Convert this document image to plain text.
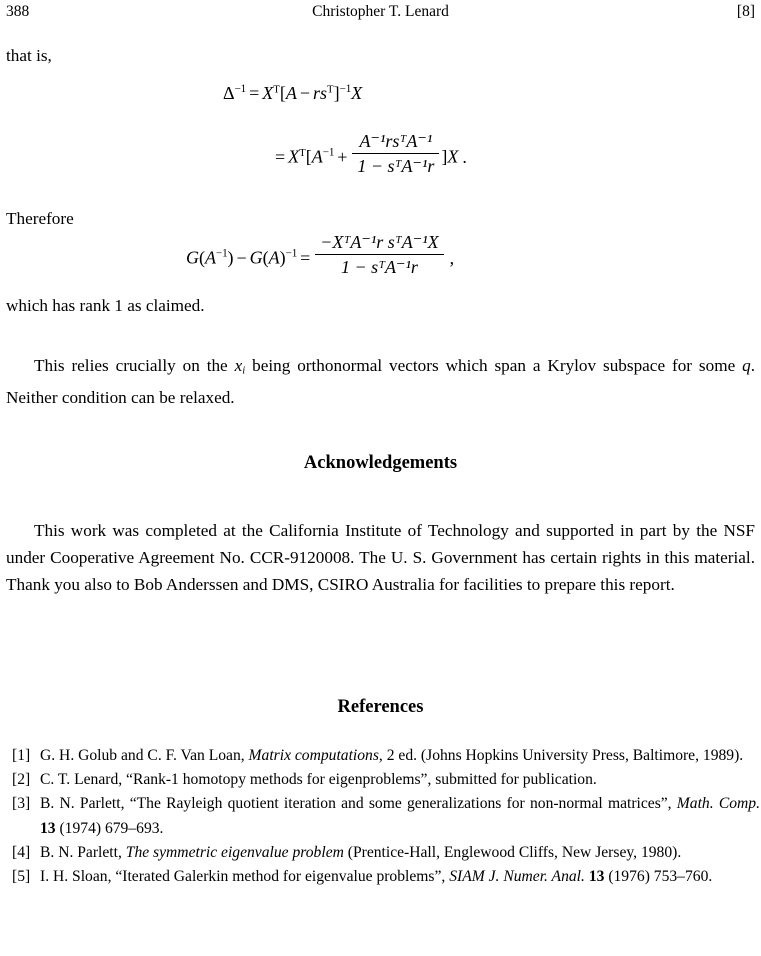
388	Christopher T. Lenard	[8]
that is,
$\Delta^{-1} = X^T[A - rs^T]^{-1}X$
= $X^T[A^{-1} + \frac{\text{A⁻¹rsᵀA⁻¹}}{\text{1 − sᵀA⁻¹r}} ]X$ .
Therefore
$G(A^{-1}) - G(A)^{-1} = \frac{\text{−XᵀA⁻¹r sᵀA⁻¹X}}{\text{1 − sᵀA⁻¹r}}$ ,
which has rank 1 as claimed.
This relies crucially on the $x_i$ being orthonormal vectors which span a Krylov subspace for some q. Neither condition can be relaxed.
Acknowledgements
This work was completed at the California Institute of Technology and supported in part by the NSF under Cooperative Agreement No. CCR-9120008. The U. S. Government has certain rights in this material. Thank you also to Bob Anderssen and DMS, CSIRO Australia for facilities to prepare this report.
References
[1] G. H. Golub and C. F. Van Loan, Matrix computations, 2 ed. (Johns Hopkins University Press, Baltimore, 1989).
[2] C. T. Lenard, “Rank-1 homotopy methods for eigenproblems”, submitted for publication.
[3] B. N. Parlett, “The Rayleigh quotient iteration and some generalizations for non-normal matrices”, Math. Comp. 13 (1974) 679–693.
[4] B. N. Parlett, The symmetric eigenvalue problem (Prentice-Hall, Englewood Cliffs, New Jersey, 1980).
[5] I. H. Sloan, “Iterated Galerkin method for eigenvalue problems”, SIAM J. Numer. Anal. 13 (1976) 753–760.
